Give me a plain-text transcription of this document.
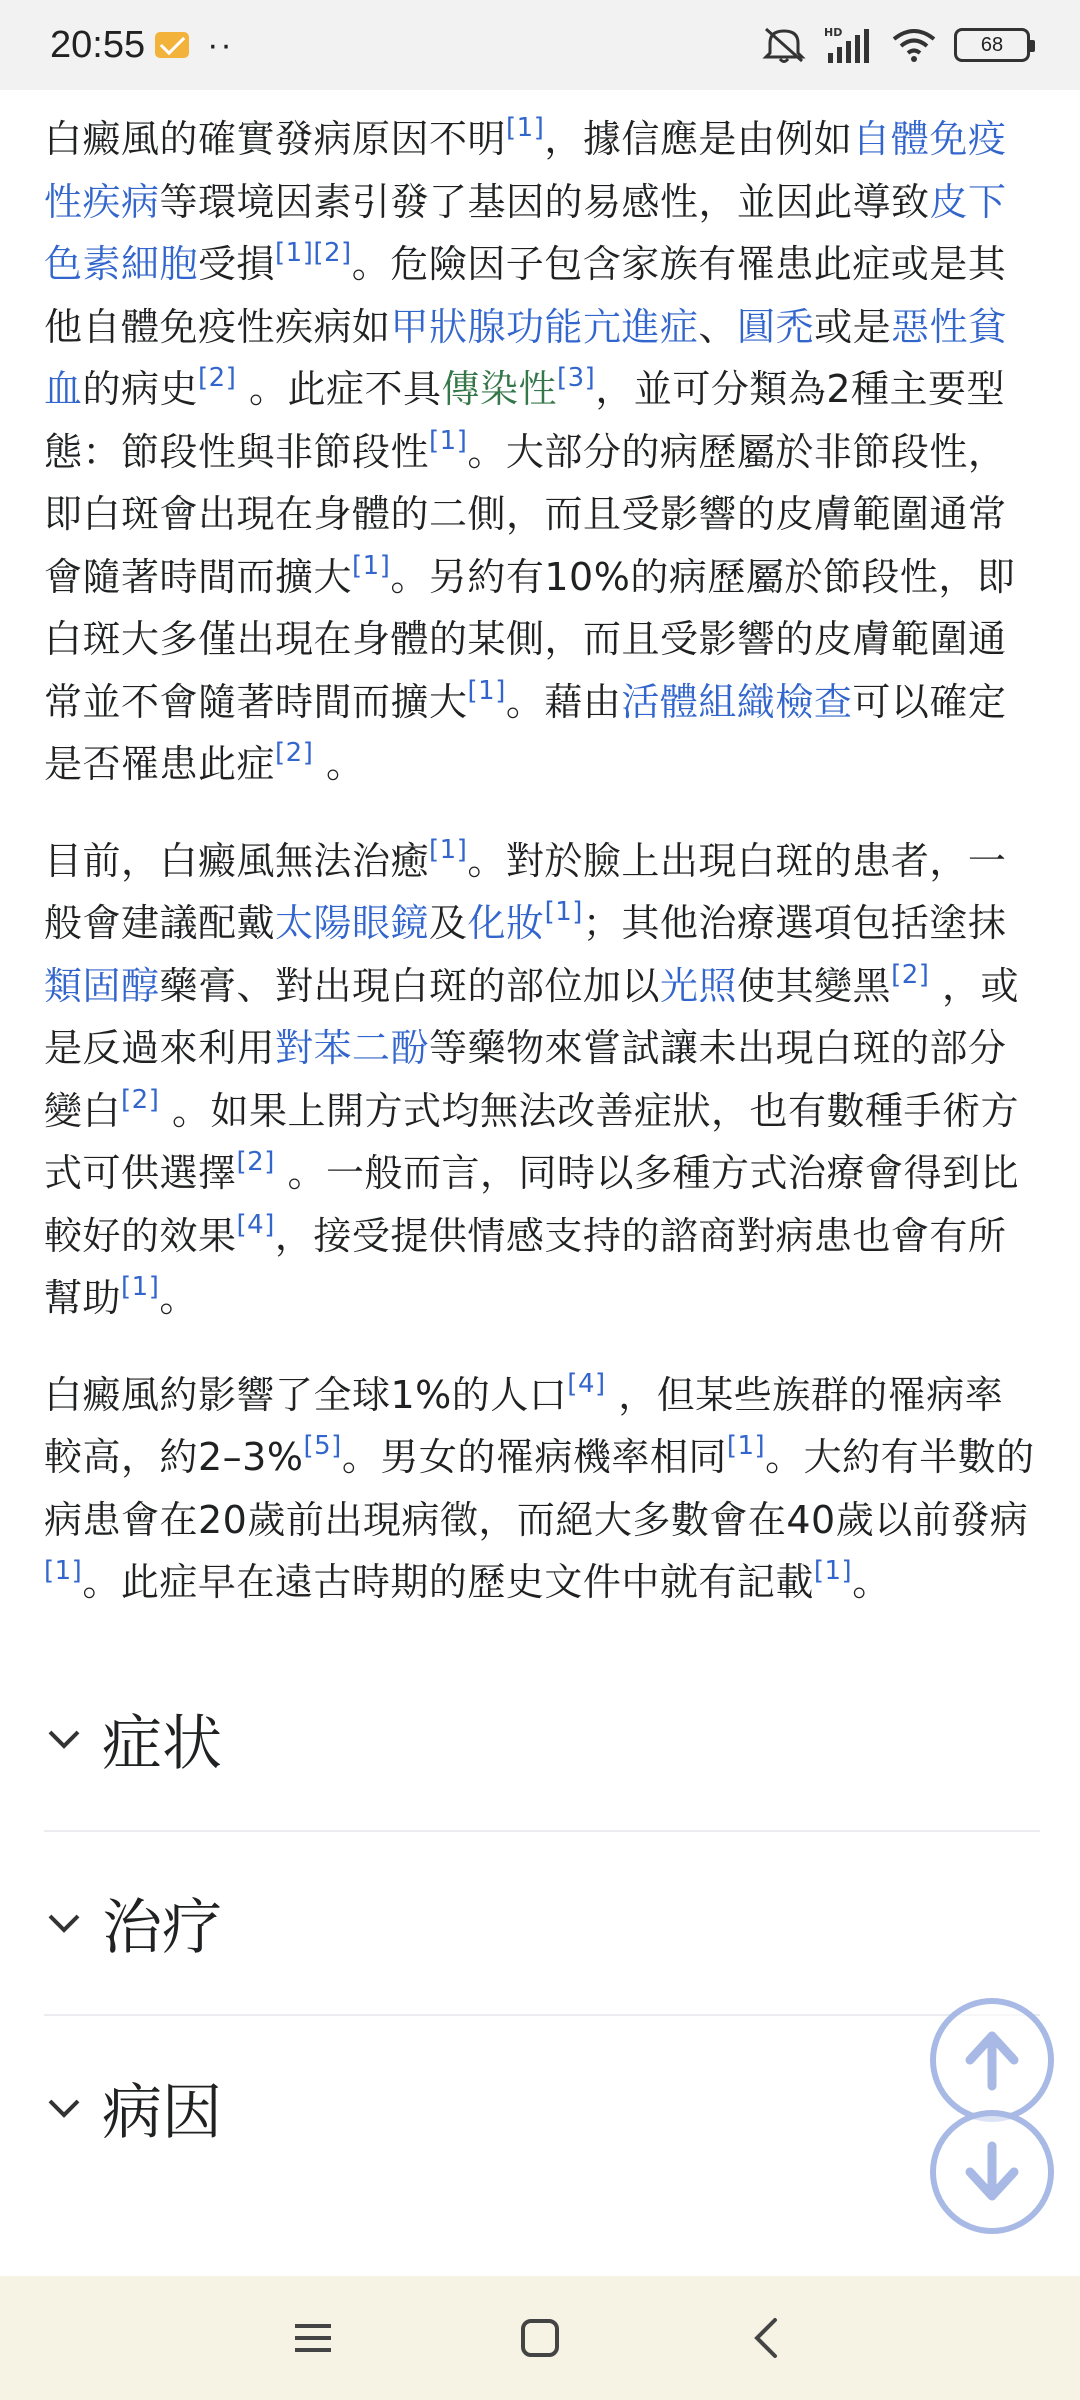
20:55 ··	HD
68

白癜風的確實發病原因不明[1]，據信應是由例如自體免疫性疾病等環境因素引發了基因的易感性，並因此導致皮下色素細胞受損[1][2]。危險因子包含家族有罹患此症或是其他自體免疫性疾病如甲狀腺功能亢進症、圓禿或是惡性貧血的病史[2] 。此症不具傳染性[3]，並可分類為2種主要型態：節段性與非節段性[1]。大部分的病歷屬於非節段性，即白斑會出現在身體的二側，而且受影響的皮膚範圍通常會隨著時間而擴大[1]。另約有10%的病歷屬於節段性，即白斑大多僅出現在身體的某側，而且受影響的皮膚範圍通常並不會隨著時間而擴大[1]。藉由活體組織檢查可以確定是否罹患此症[2] 。

目前，白癜風無法治癒[1]。對於臉上出現白斑的患者，一般會建議配戴太陽眼鏡及化妝[1]；其他治療選項包括塗抹類固醇藥膏、對出現白斑的部位加以光照使其變黑[2] ，或是反過來利用對苯二酚等藥物來嘗試讓未出現白斑的部分變白[2] 。如果上開方式均無法改善症狀，也有數種手術方式可供選擇[2] 。一般而言，同時以多種方式治療會得到比較好的效果[4]，接受提供情感支持的諮商對病患也會有所幫助[1]。

白癜風約影響了全球1%的人口[4] ，但某些族群的罹病率較高，約2–3%[5]。男女的罹病機率相同[1]。大約有半數的病患會在20歲前出現病徵，而絕大多數會在40歲以前發病[1]。此症早在遠古時期的歷史文件中就有記載[1]。

症状
治疗
病因
